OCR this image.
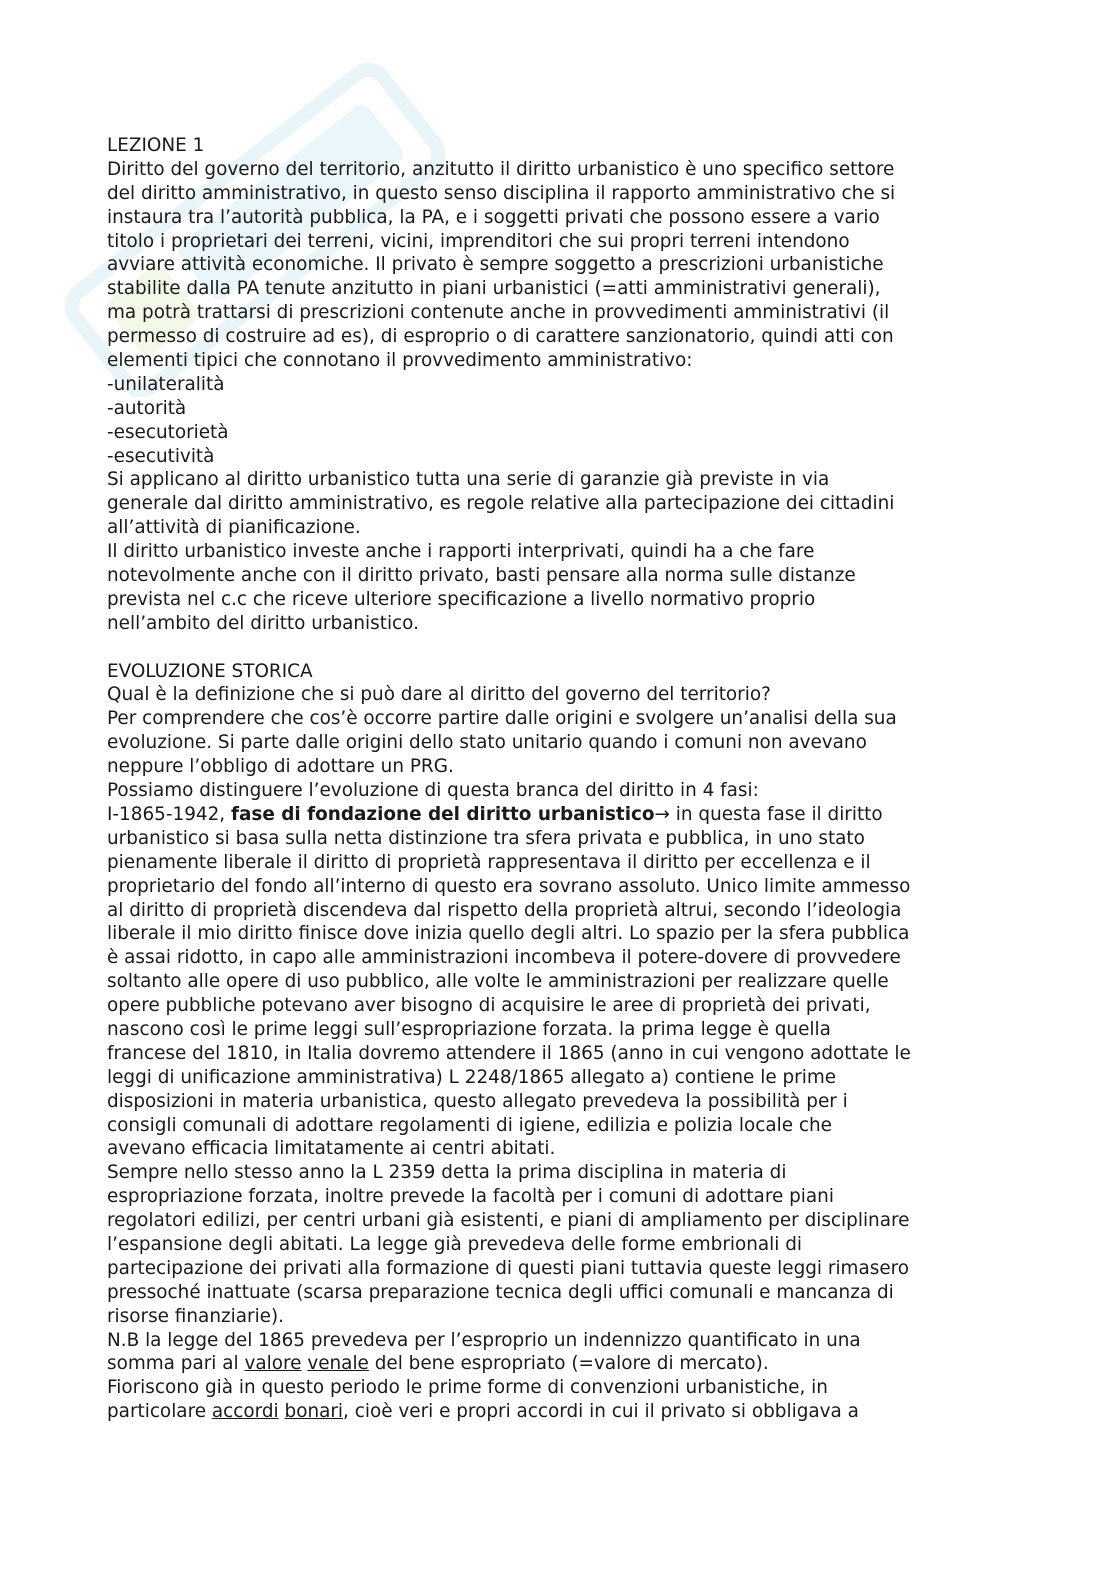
LEZIONE 1
Diritto del governo del territorio, anzitutto il diritto urbanistico è uno specifico settore
del diritto amministrativo, in questo senso disciplina il rapporto amministrativo che si
instaura tra l’autorità pubblica, la PA, e i soggetti privati che possono essere a vario
titolo i proprietari dei terreni, vicini, imprenditori che sui propri terreni intendono
avviare attività economiche. Il privato è sempre soggetto a prescrizioni urbanistiche
stabilite dalla PA tenute anzitutto in piani urbanistici (=atti amministrativi generali),
ma potrà trattarsi di prescrizioni contenute anche in provvedimenti amministrativi (il
permesso di costruire ad es), di esproprio o di carattere sanzionatorio, quindi atti con
elementi tipici che connotano il provvedimento amministrativo:
-unilateralità
-autorità
-esecutorietà
-esecutività
Si applicano al diritto urbanistico tutta una serie di garanzie già previste in via
generale dal diritto amministrativo, es regole relative alla partecipazione dei cittadini
all’attività di pianificazione.
Il diritto urbanistico investe anche i rapporti interprivati, quindi ha a che fare
notevolmente anche con il diritto privato, basti pensare alla norma sulle distanze
prevista nel c.c che riceve ulteriore specificazione a livello normativo proprio
nell’ambito del diritto urbanistico.
EVOLUZIONE STORICA
Qual è la definizione che si può dare al diritto del governo del territorio?
Per comprendere che cos’è occorre partire dalle origini e svolgere un’analisi della sua
evoluzione. Si parte dalle origini dello stato unitario quando i comuni non avevano
neppure l’obbligo di adottare un PRG.
Possiamo distinguere l’evoluzione di questa branca del diritto in 4 fasi:
I-1865-1942, fase di fondazione del diritto urbanistico→ in questa fase il diritto
urbanistico si basa sulla netta distinzione tra sfera privata e pubblica, in uno stato
pienamente liberale il diritto di proprietà rappresentava il diritto per eccellenza e il
proprietario del fondo all’interno di questo era sovrano assoluto. Unico limite ammesso
al diritto di proprietà discendeva dal rispetto della proprietà altrui, secondo l’ideologia
liberale il mio diritto finisce dove inizia quello degli altri. Lo spazio per la sfera pubblica
è assai ridotto, in capo alle amministrazioni incombeva il potere-dovere di provvedere
soltanto alle opere di uso pubblico, alle volte le amministrazioni per realizzare quelle
opere pubbliche potevano aver bisogno di acquisire le aree di proprietà dei privati,
nascono così le prime leggi sull’espropriazione forzata. la prima legge è quella
francese del 1810, in Italia dovremo attendere il 1865 (anno in cui vengono adottate le
leggi di unificazione amministrativa) L 2248/1865 allegato a) contiene le prime
disposizioni in materia urbanistica, questo allegato prevedeva la possibilità per i
consigli comunali di adottare regolamenti di igiene, edilizia e polizia locale che
avevano efficacia limitatamente ai centri abitati.
Sempre nello stesso anno la L 2359 detta la prima disciplina in materia di
espropriazione forzata, inoltre prevede la facoltà per i comuni di adottare piani
regolatori edilizi, per centri urbani già esistenti, e piani di ampliamento per disciplinare
l’espansione degli abitati. La legge già prevedeva delle forme embrionali di
partecipazione dei privati alla formazione di questi piani tuttavia queste leggi rimasero
pressoché inattuate (scarsa preparazione tecnica degli uffici comunali e mancanza di
risorse finanziarie).
N.B la legge del 1865 prevedeva per l’esproprio un indennizzo quantificato in una
somma pari al valore venale del bene espropriato (=valore di mercato).
Fioriscono già in questo periodo le prime forme di convenzioni urbanistiche, in
particolare accordi bonari, cioè veri e propri accordi in cui il privato si obbligava a
